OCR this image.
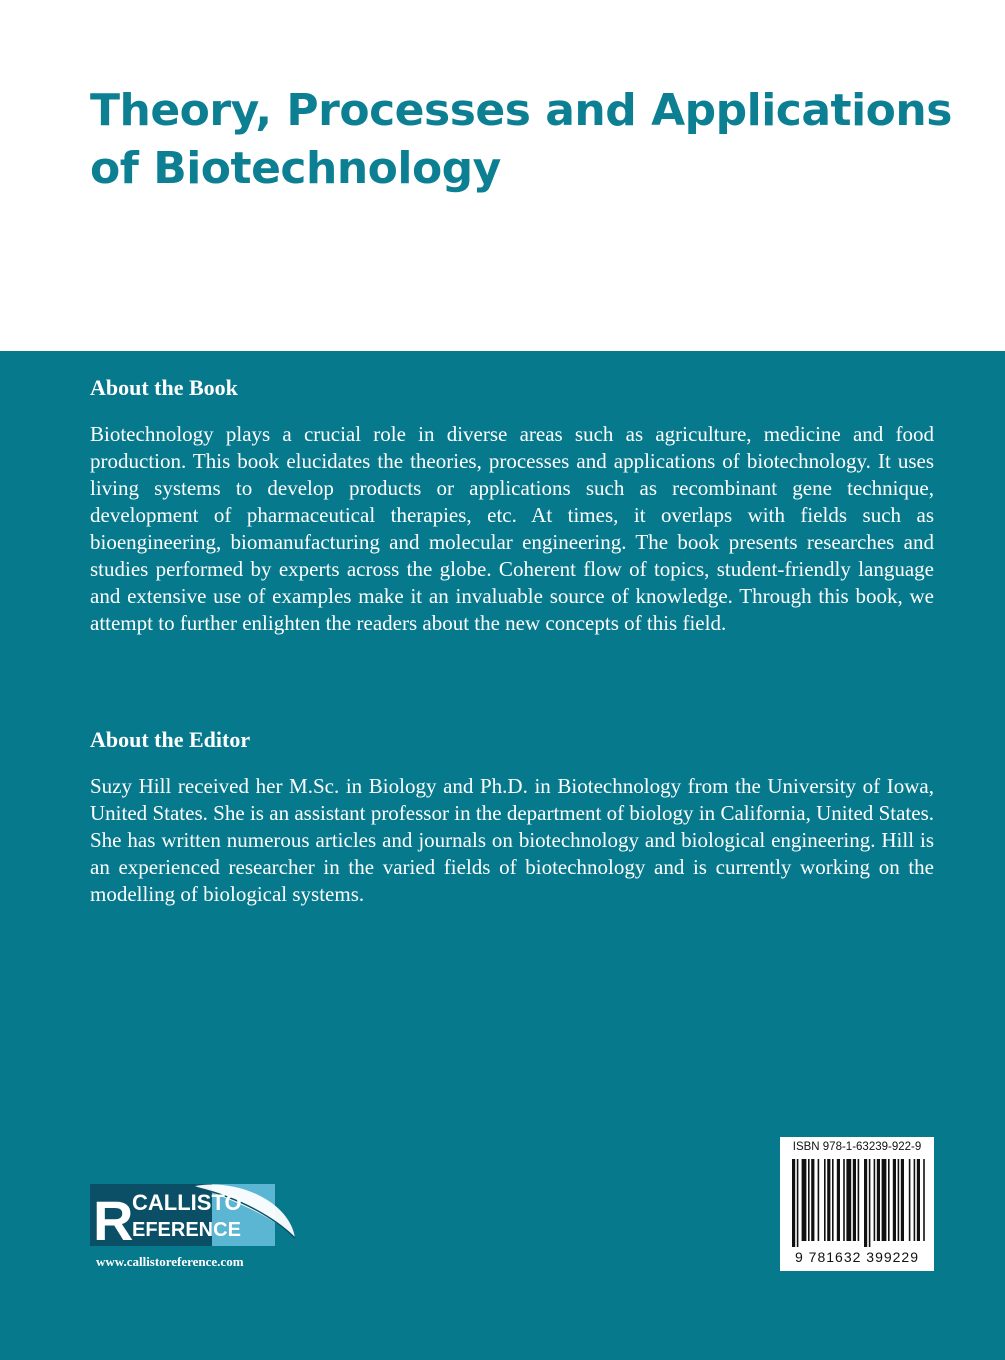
Theory, Processes and Applications of Biotechnology
About the Book

Biotechnology plays a crucial role in diverse areas such as agriculture, medicine and food production. This book elucidates the theories, processes and applications of biotechnology. It uses living systems to develop products or applications such as recombinant gene technique, development of pharmaceutical therapies, etc. At times, it overlaps with fields such as bioengineering, biomanufacturing and molecular engineering. The book presents researches and studies performed by experts across the globe. Coherent flow of topics, student-friendly language and extensive use of examples make it an invaluable source of knowledge. Through this book, we attempt to further enlighten the readers about the new concepts of this field.

About the Editor

Suzy Hill received her M.Sc. in Biology and Ph.D. in Biotechnology from the University of Iowa, United States. She is an assistant professor in the department of biology in California, United States. She has written numerous articles and journals on biotechnology and biological engineering. Hill is an experienced researcher in the varied fields of biotechnology and is currently working on the modelling of biological systems.

R
CALLISTO
EFERENCE
www.callistoreference.com
ISBN 978-1-63239-922-9
9 781632 399229
